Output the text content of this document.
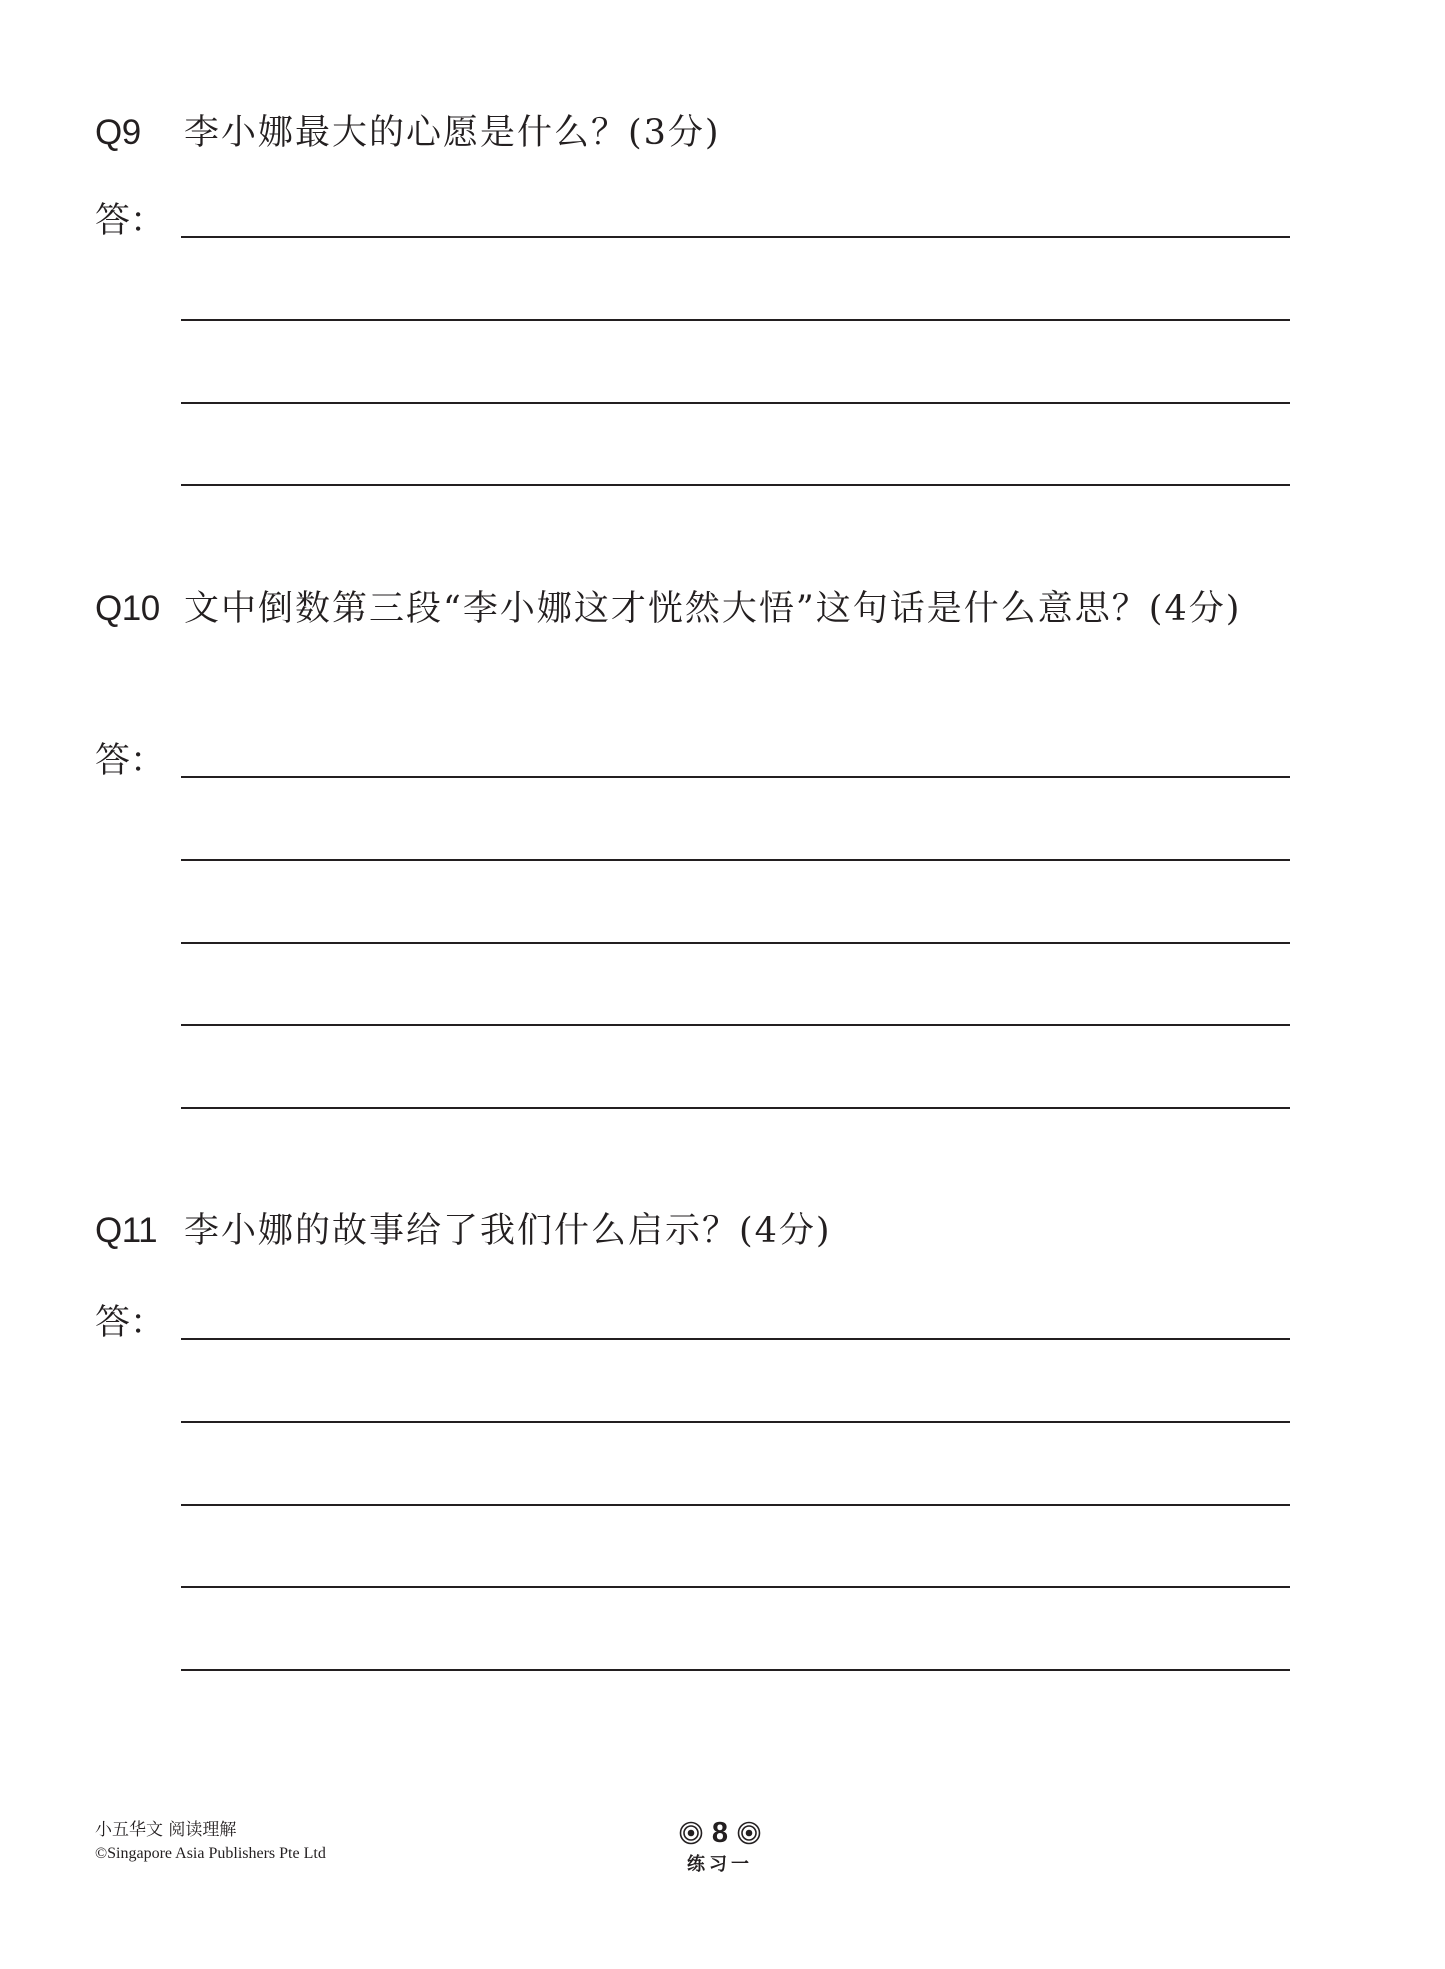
Q9	李小娜最大的心愿是什么？(3分)
答：
Q10 文中倒数第三段“李小娜这才恍然大悟”这句话是什么意思？(4分)
答：
Q11 李小娜的故事给了我们什么启示？(4分)
答：
小五华文 阅读理解
©Singapore Asia Publishers Pte Ltd
8
练习一
